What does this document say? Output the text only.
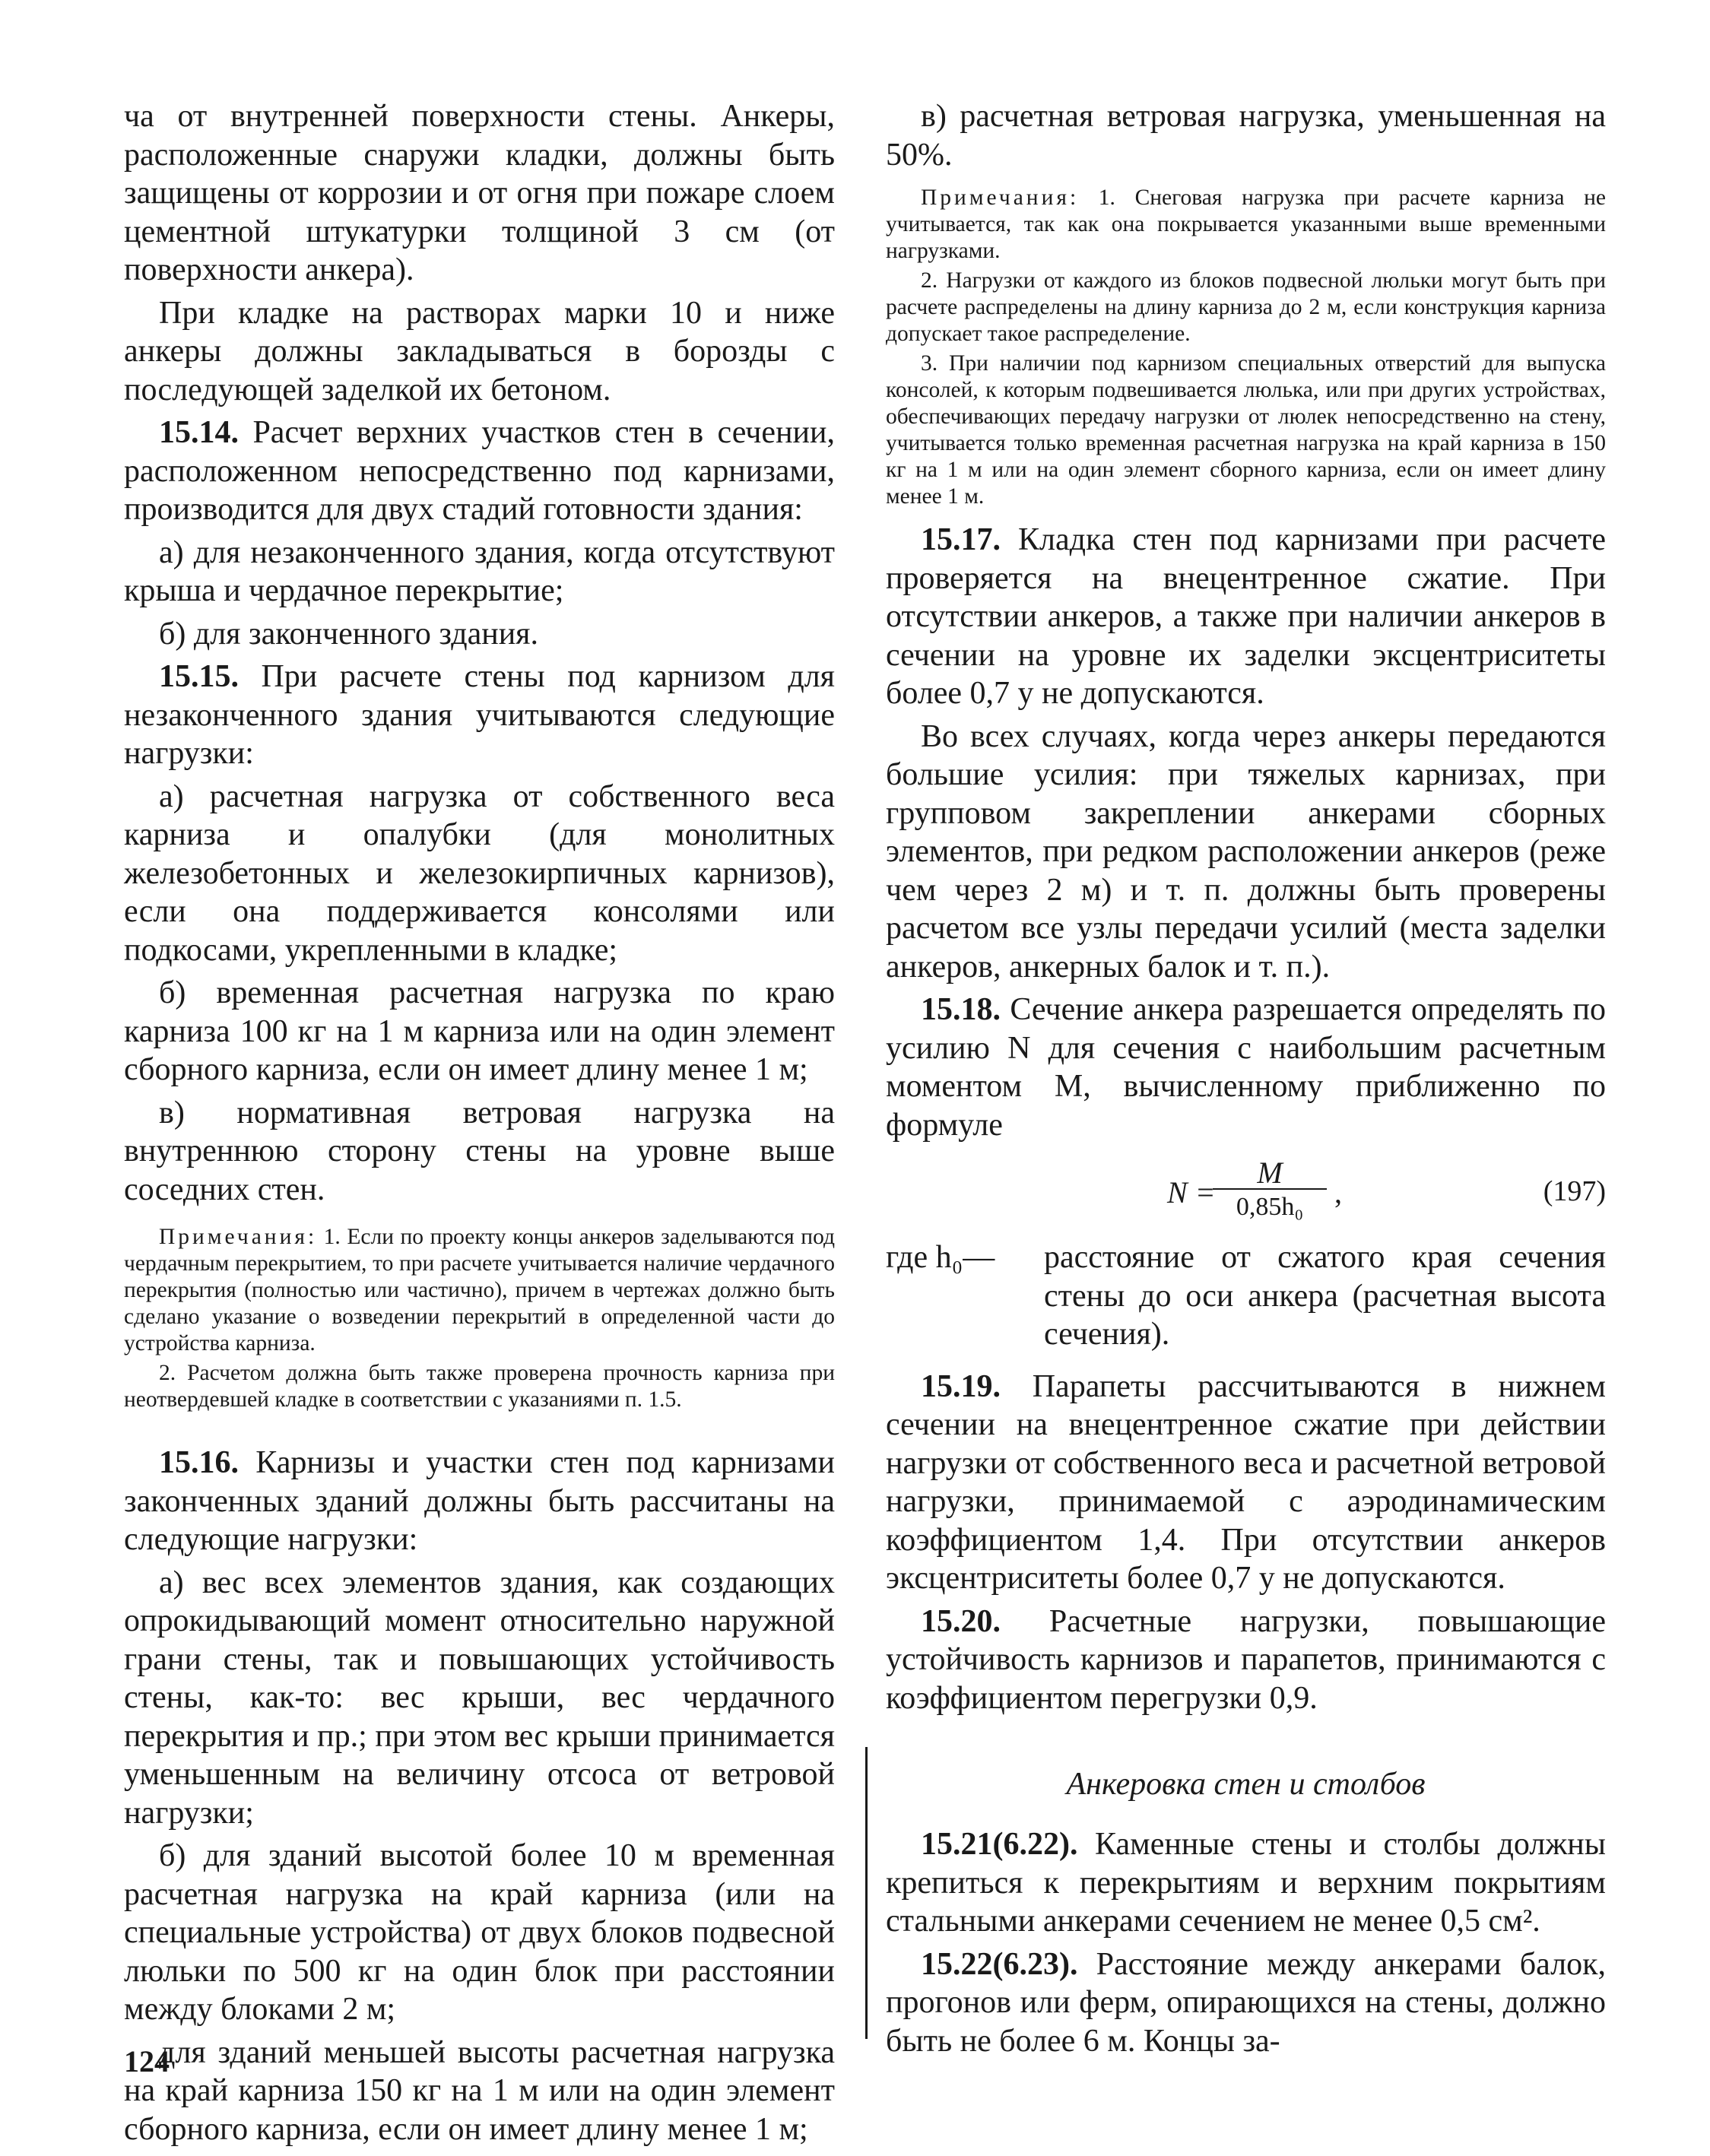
ча от внутренней поверхности стены. Анкеры, расположенные снаружи кладки, должны быть защищены от коррозии и от огня при пожаре слоем цементной штукатурки толщиной 3 см (от поверхности анкера).

При кладке на растворах марки 10 и ниже анкеры должны закладываться в борозды с последующей заделкой их бетоном.

15.14. Расчет верхних участков стен в сечении, расположенном непосредственно под карнизами, производится для двух стадий готовности здания:

а) для незаконченного здания, когда отсутствуют крыша и чердачное перекрытие;

б) для законченного здания.

15.15. При расчете стены под карнизом для незаконченного здания учитываются следующие нагрузки:

а) расчетная нагрузка от собственного веса карниза и опалубки (для монолитных железобетонных и железокирпичных карнизов), если она поддерживается консолями или подкосами, укрепленными в кладке;

б) временная расчетная нагрузка по краю карниза 100 кг на 1 м карниза или на один элемент сборного карниза, если он имеет длину менее 1 м;

в) нормативная ветровая нагрузка на внутреннюю сторону стены на уровне выше соседних стен.

Примечания: 1. Если по проекту концы анкеров заделываются под чердачным перекрытием, то при расчете учитывается наличие чердачного перекрытия (полностью или частично), причем в чертежах должно быть сделано указание о возведении перекрытий в определенной части до устройства карниза.

2. Расчетом должна быть также проверена прочность карниза при неотвердевшей кладке в соответствии с указаниями п. 1.5.

15.16. Карнизы и участки стен под карнизами законченных зданий должны быть рассчитаны на следующие нагрузки:

а) вес всех элементов здания, как создающих опрокидывающий момент относительно наружной грани стены, так и повышающих устойчивость стены, как-то: вес крыши, вес чердачного перекрытия и пр.; при этом вес крыши принимается уменьшенным на величину отсоса от ветровой нагрузки;

б) для зданий высотой более 10 м временная расчетная нагрузка на край карниза (или на специальные устройства) от двух блоков подвесной люльки по 500 кг на один блок при расстоянии между блоками 2 м;

для зданий меньшей высоты расчетная нагрузка на край карниза 150 кг на 1 м или на один элемент сборного карниза, если он имеет длину менее 1 м;

в) расчетная ветровая нагрузка, уменьшенная на 50%.

Примечания: 1. Снеговая нагрузка при расчете карниза не учитывается, так как она покрывается указанными выше временными нагрузками.

2. Нагрузки от каждого из блоков подвесной люльки могут быть при расчете распределены на длину карниза до 2 м, если конструкция карниза допускает такое распределение.

3. При наличии под карнизом специальных отверстий для выпуска консолей, к которым подвешивается люлька, или при других устройствах, обеспечивающих передачу нагрузки от люлек непосредственно на стену, учитывается только временная расчетная нагрузка на край карниза в 150 кг на 1 м или на один элемент сборного карниза, если он имеет длину менее 1 м.

15.17. Кладка стен под карнизами при расчете проверяется на внецентренное сжатие. При отсутствии анкеров, а также при наличии анкеров в сечении на уровне их заделки эксцентриситеты более 0,7 y не допускаются.

Во всех случаях, когда через анкеры передаются большие усилия: при тяжелых карнизах, при групповом закреплении анкерами сборных элементов, при редком расположении анкеров (реже чем через 2 м) и т. п. должны быть проверены расчетом все узлы передачи усилий (места заделки анкеров, анкерных балок и т. п.).

15.18. Сечение анкера разрешается определять по усилию N для сечения с наибольшим расчетным моментом M, вычисленному приближенно по формуле

N =
M
0,85h₀	,	(197)
где h₀— расстояние от сжатого края сечения стены до оси анкера (расчетная высота сечения).

15.19. Парапеты рассчитываются в нижнем сечении на внецентренное сжатие при действии нагрузки от собственного веса и расчетной ветровой нагрузки, принимаемой с аэродинамическим коэффициентом 1,4. При отсутствии анкеров эксцентриситеты более 0,7 y не допускаются.

15.20. Расчетные нагрузки, повышающие устойчивость карнизов и парапетов, принимаются с коэффициентом перегрузки 0,9.

Анкеровка стен и столбов

15.21(6.22). Каменные стены и столбы должны крепиться к перекрытиям и верхним покрытиям стальными анкерами сечением не менее 0,5 см².

15.22(6.23). Расстояние между анкерами балок, прогонов или ферм, опирающихся на стены, должно быть не более 6 м. Концы за-

124
